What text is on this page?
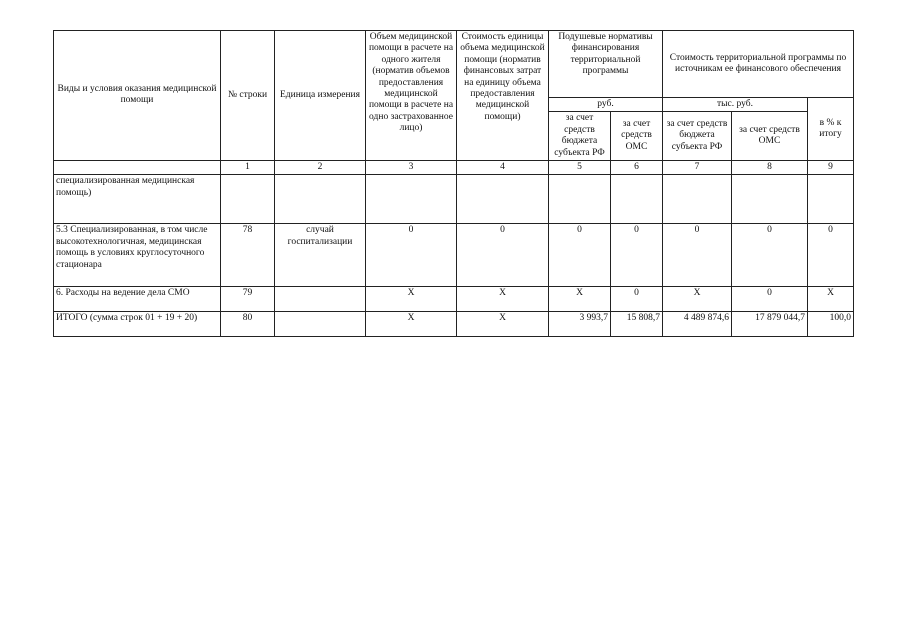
Виды и условия оказания медицинской помощи	№ строки	Единица измерения	Объем медицинской помощи в расчете на одного жителя (норматив объемов предоставления медицинской помощи в расчете на одно застрахованное лицо)	Стоимость единицы объема медицинской помощи (норматив финансовых затрат на единицу объема предоставления медицинской помощи)	Подушевые нормативы финансирования территориальной программы		Стоимость территориальной программы по источникам ее финансового обеспечения		
					руб.		тыс. руб.		в % к итогу
					за счет средств бюджета субъекта РФ	за счет средств ОМС	за счет средств бюджета субъекта РФ	за счет средств ОМС	
	1	2	3	4	5	6	7	8	9
специализированная медицинская помощь)									
5.3 Специализированная, в том числе высокотехнологичная, медицинская помощь в условиях круглосуточного стационара	78	случай госпитализации	0	0	0	0	0	0	0
6. Расходы на ведение дела СМО	79		Х	Х	Х	0	Х	0	Х
ИТОГО (сумма строк 01 + 19 + 20)	80		Х	Х	3 993,7	15 808,7	4 489 874,6	17 879 044,7	100,0
